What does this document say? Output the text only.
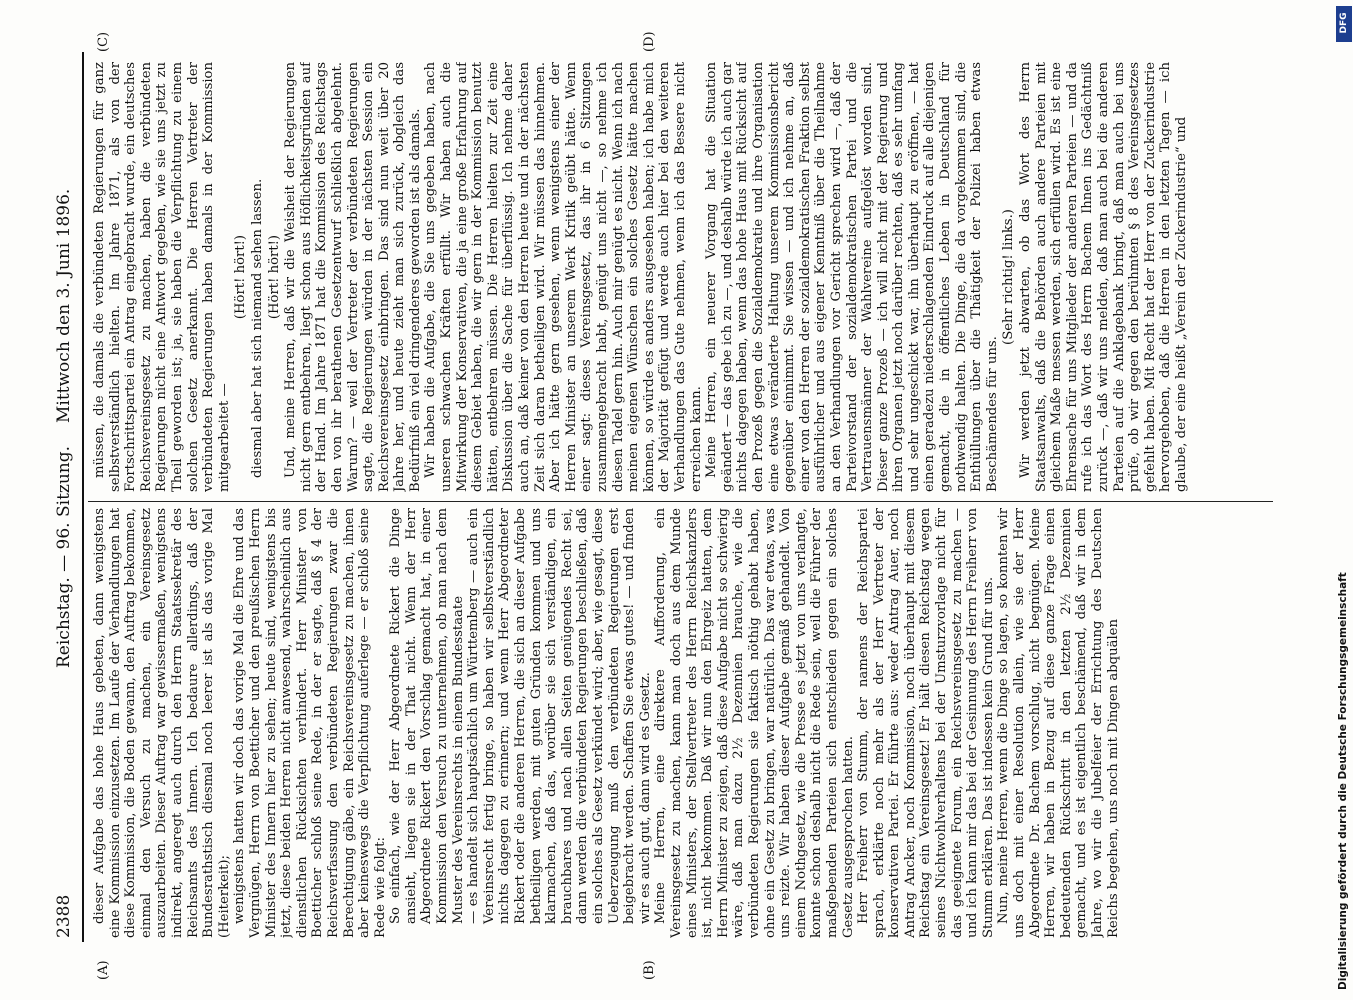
2388
Reichstag. — 96. Sitzung.
Mittwoch den 3. Juni 1896.
(A)	(B)
(C)	(D)

dieser Aufgabe das hohe Haus gebeten, dann wenigstens eine Kommission einzusetzen. Im Laufe der Verhandlungen hat diese Kommission, die Boden gewann, den Auftrag bekommen, einmal den Versuch zu machen, ein Vereinsgesetz auszuarbeiten. Dieser Auftrag war gewissermaßen, wenigstens indirekt, angeregt auch durch den Herrn Staatssekretär des Reichsamts des Innern. Ich bedaure allerdings, daß der Bundesrathstisch diesmal noch leerer ist als das vorige Mal (Heiterkeit); wenigstens hatten wir doch das vorige Mal die Ehre und das Vergnügen, Herrn von Boetticher und den preußischen Herrn Minister des Innern hier zu sehen; heute sind, wenigstens bis jetzt, diese beiden Herren nicht anwesend, wahrscheinlich aus dienstlichen Rücksichten verhindert. Herr Minister von Boetticher schloß seine Rede, in der er sagte, daß § 4 der Reichsverfassung den verbündeten Regierungen zwar die Berechtigung gäbe, ein Reichsvereinsgesetz zu machen, ihnen aber keineswegs die Verpflichtung auferlege — er schloß seine Rede wie folgt: So einfach, wie der Herr Abgeordnete Rickert die Dinge ansieht, liegen sie in der That nicht. Wenn der Herr Abgeordnete Rickert den Vorschlag gemacht hat, in einer Kommission den Versuch zu unternehmen, ob man nach dem Muster des Vereinsrechts in einem Bundesstaate — es handelt sich hauptsächlich um Württemberg — auch ein Vereinsrecht fertig bringe, so haben wir selbstverständlich nichts dagegen zu erinnern; und wenn Herr Abgeordneter Rickert oder die anderen Herren, die sich an dieser Aufgabe betheiligen werden, mit guten Gründen kommen und uns klarmachen, daß das, worüber sie sich verständigen, ein brauchbares und nach allen Seiten genügendes Recht sei, dann werden die verbündeten Regierungen beschließen, daß ein solches als Gesetz verkündet wird; aber, wie gesagt, diese Ueberzeugung muß den verbündeten Regierungen erst beigebracht werden. Schaffen Sie etwas gutes! — und finden wir es auch gut, dann wird es Gesetz. Meine Herren, eine direktere Aufforderung, ein Vereinsgesetz zu machen, kann man doch aus dem Munde eines Ministers, der Stellvertreter des Herrn Reichskanzlers ist, nicht bekommen. Daß wir nun den Ehrgeiz hatten, dem Herrn Minister zu zeigen, daß diese Aufgabe nicht so schwierig wäre, daß man dazu 2½ Dezennien brauche, wie die verbündeten Regierungen sie faktisch nöthig gehabt haben, ohne ein Gesetz zu bringen, war natürlich. Das war etwas, was uns reizte. Wir haben dieser Aufgabe gemäß gehandelt. Von einem Nothgesetz, wie die Presse es jetzt von uns verlangte, konnte schon deshalb nicht die Rede sein, weil die Führer der maßgebenden Parteien sich entschieden gegen ein solches Gesetz ausgesprochen hatten. Herr Freiherr von Stumm, der namens der Reichspartei sprach, erklärte noch mehr als der Herr Vertreter der konservativen Partei. Er führte aus: weder Antrag Auer, noch Antrag Ancker, noch Kommission, noch überhaupt mit diesem Reichstag ein Vereinsgesetz! Er hält diesen Reichstag wegen seines Nichtwohlverhaltens bei der Umsturzvorlage nicht für das geeignete Forum, ein Reichsvereinsgesetz zu machen — und ich kann mir das bei der Gesinnung des Herrn Freiherr von Stumm erklären. Das ist indessen kein Grund für uns. Nun, meine Herren, wenn die Dinge so lagen, so konnten wir uns doch mit einer Resolution allein, wie sie der Herr Abgeordnete Dr. Bachem vorschlug, nicht begnügen. Meine Herren, wir haben in Bezug auf diese ganze Frage einen bedeutenden Rückschritt in den letzten 2½ Dezennien gemacht, und es ist eigentlich beschämend, daß wir in dem Jahre, wo wir die Jubelfeier der Errichtung des Deutschen Reichs begehen, uns noch mit Dingen abquälen

müssen, die damals die verbündeten Regierungen für ganz selbstverständlich hielten. Im Jahre 1871, als von der Fortschrittspartei ein Antrag eingebracht wurde, ein deutsches Reichsvereinsgesetz zu machen, haben die verbündeten Regierungen nicht eine Antwort gegeben, wie sie uns jetzt zu Theil geworden ist; ja, sie haben die Verpflichtung zu einem solchen Gesetz anerkannt. Die Herren Vertreter der verbündeten Regierungen haben damals in der Kommission mitgearbeitet —

(Hört! hört!) diesmal aber hat sich niemand sehen lassen. (Hört! hört!) Und, meine Herren, daß wir die Weisheit der Regierungen nicht gern entbehren, liegt schon aus Höflichkeitsgründen auf der Hand. Im Jahre 1871 hat die Kommission des Reichstags den von ihr berathenen Gesetzentwurf schließlich abgelehnt. Warum? — weil der Vertreter der verbündeten Regierungen sagte, die Regierungen würden in der nächsten Session ein Reichsvereinsgesetz einbringen. Das sind nun weit über 20 Jahre her, und heute zieht man sich zurück, obgleich das Bedürfniß ein viel dringenderes geworden ist als damals. Wir haben die Aufgabe, die Sie uns gegeben haben, nach unseren schwachen Kräften erfüllt. Wir haben auch die Mitwirkung der Konservativen, die ja eine große Erfahrung auf diesem Gebiet haben, die wir gern in der Kommission benutzt hätten, entbehren müssen. Die Herren hielten zur Zeit eine Diskussion über die Sache für überflüssig. Ich nehme daher auch an, daß keiner von den Herren heute und in der nächsten Zeit sich daran betheiligen wird. Wir müssen das hinnehmen. Aber ich hätte gern gesehen, wenn wenigstens einer der Herren Minister an unserem Werk Kritik geübt hätte. Wenn einer sagt: dieses Vereinsgesetz, das ihr in 6 Sitzungen zusammengebracht habt, genügt uns nicht —, so nehme ich diesen Tadel gern hin. Auch mir genügt es nicht. Wenn ich nach meinen eigenen Wünschen ein solches Gesetz hätte machen können, so würde es anders ausgesehen haben; ich habe mich der Majorität gefügt und werde auch hier bei den weiteren Verhandlungen das Gute nehmen, wenn ich das Bessere nicht erreichen kann. Meine Herren, ein neuerer Vorgang hat die Situation geändert — das gebe ich zu —, und deshalb würde ich auch gar nichts dagegen haben, wenn das hohe Haus mit Rücksicht auf den Prozeß gegen die Sozialdemokratie und ihre Organisation eine etwas veränderte Haltung unserem Kommissionsbericht gegenüber einnimmt. Sie wissen — und ich nehme an, daß einer von den Herren der sozialdemokratischen Fraktion selbst ausführlicher und aus eigener Kenntniß über die Theilnahme an den Verhandlungen vor Gericht sprechen wird —, daß der Parteivorstand der sozialdemokratischen Partei und die Vertrauensmänner der Wahlvereine aufgelöst worden sind. Dieser ganze Prozeß — ich will nicht mit der Regierung und ihren Organen jetzt noch darüber rechten, daß es sehr umfang und sehr ungeschickt war, ihn überhaupt zu eröffnen, — hat einen geradezu niederschlagenden Eindruck auf alle diejenigen gemacht, die in öffentliches Leben in Deutschland für nothwendig halten. Die Dinge, die da vorgekommen sind, die Enthüllungen über die Thätigkeit der Polizei haben etwas Beschämendes für uns.

(Sehr richtig! links.) Wir werden jetzt abwarten, ob das Wort des Herrn Staatsanwalts, daß die Behörden auch andere Parteien mit gleichem Maße messen werden, sich erfüllen wird. Es ist eine Ehrensache für uns Mitglieder der anderen Parteien — und da rufe ich das Wort des Herrn Bachem Ihnen ins Gedächtniß zurück —, daß wir uns melden, daß man auch bei die anderen Parteien auf die Anklagebank bringt, daß man auch bei uns prüfe, ob wir gegen den berühmten § 8 des Vereinsgesetzes gefehlt haben. Mit Recht hat der Herr von der Zuckerindustrie hervorgehoben, daß die Herren in den letzten Tagen — ich glaube, der eine heißt „Verein der Zuckerindustrie“ und

DFG
Digitalisierung gefördert durch die Deutsche Forschungsgemeinschaft
